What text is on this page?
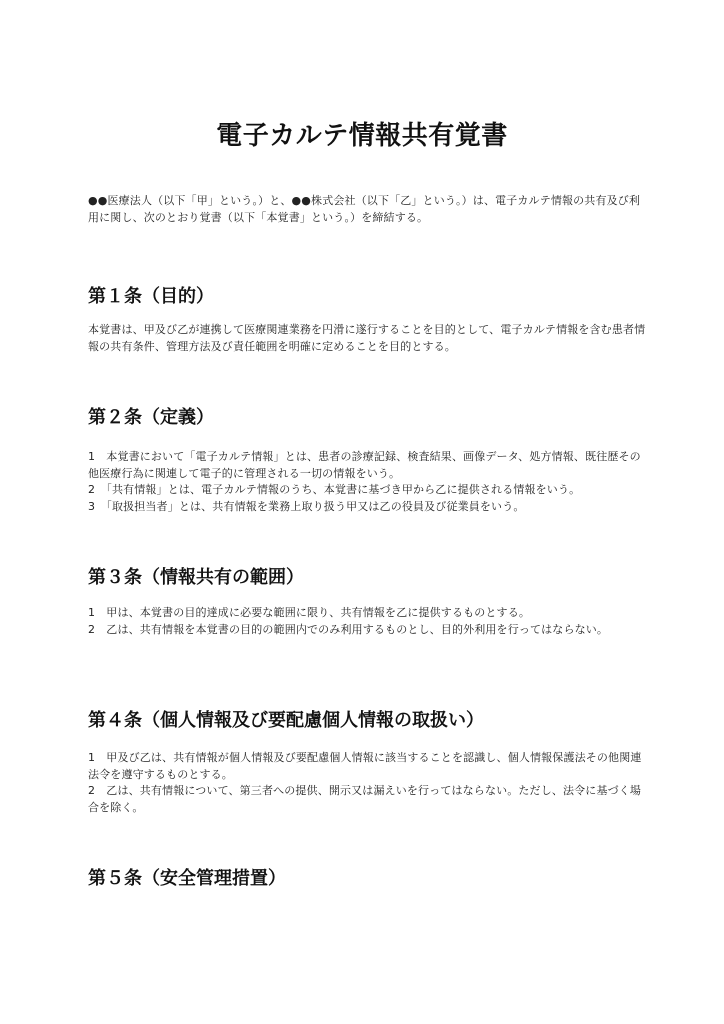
電子カルテ情報共有覚書

●●医療法人（以下「甲」という。）と、●●株式会社（以下「乙」という。）は、電子カルテ情報の共有及び利用に関し、次のとおり覚書（以下「本覚書」という。）を締結する。

第１条（目的）

本覚書は、甲及び乙が連携して医療関連業務を円滑に遂行することを目的として、電子カルテ情報を含む患者情報の共有条件、管理方法及び責任範囲を明確に定めることを目的とする。

第２条（定義）

1　本覚書において「電子カルテ情報」とは、患者の診療記録、検査結果、画像データ、処方情報、既往歴その他医療行為に関連して電子的に管理される一切の情報をいう。

2　「共有情報」とは、電子カルテ情報のうち、本覚書に基づき甲から乙に提供される情報をいう。

3　「取扱担当者」とは、共有情報を業務上取り扱う甲又は乙の役員及び従業員をいう。

第３条（情報共有の範囲）

1　甲は、本覚書の目的達成に必要な範囲に限り、共有情報を乙に提供するものとする。

2　乙は、共有情報を本覚書の目的の範囲内でのみ利用するものとし、目的外利用を行ってはならない。

第４条（個人情報及び要配慮個人情報の取扱い）

1　甲及び乙は、共有情報が個人情報及び要配慮個人情報に該当することを認識し、個人情報保護法その他関連法令を遵守するものとする。

2　乙は、共有情報について、第三者への提供、開示又は漏えいを行ってはならない。ただし、法令に基づく場合を除く。

第５条（安全管理措置）
